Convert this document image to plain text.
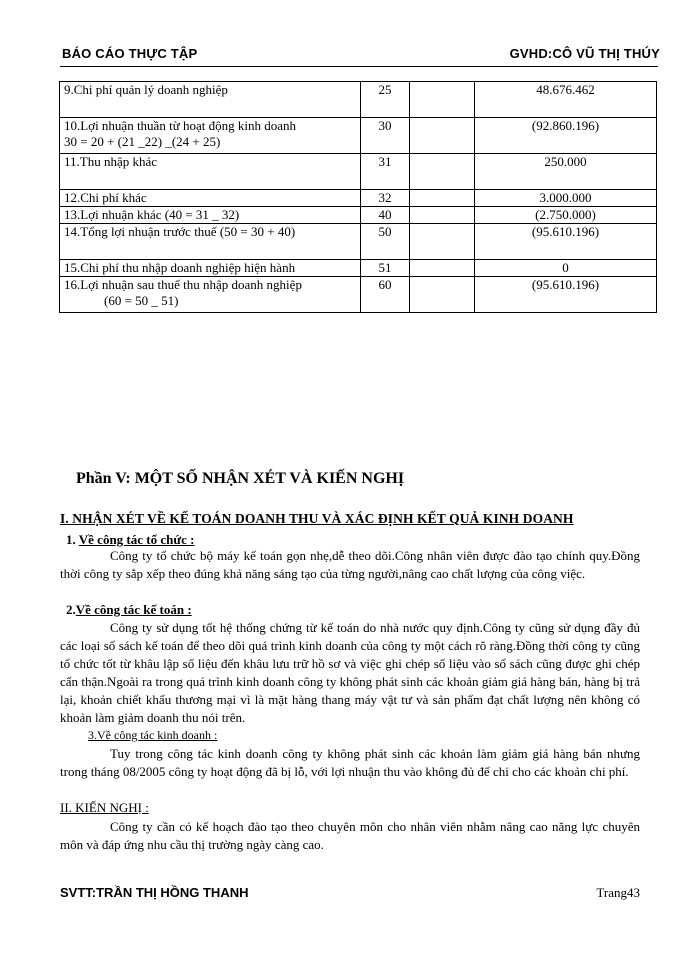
BÁO CÁO THỰC TẬP	GVHD:CÔ VŨ THỊ THÚY
9.Chi phí quản lý doanh nghiệp	25		48.676.462
10.Lợi nhuận thuần từ hoạt động kinh doanh
30 = 20 + (21 _22) _(24 + 25)	30		(92.860.196)
11.Thu nhập khác	31		250.000
12.Chi phí khác	32		3.000.000
13.Lợi nhuận khác (40 = 31 _ 32)	40		(2.750.000)
14.Tổng lợi nhuận trước thuế (50 = 30 + 40)	50		(95.610.196)
15.Chi phí thu nhập doanh nghiệp hiện hành	51		0
16.Lợi nhuận sau thuế thu nhập doanh nghiệp
(60 = 50 _ 51)	60		(95.610.196)
Phần V: MỘT SỐ NHẬN XÉT VÀ KIẾN NGHỊ
I. NHẬN XÉT VỀ KẾ TOÁN DOANH THU VÀ XÁC ĐỊNH KẾT QUẢ KINH DOANH
1. Về công tác tổ chức :
Công ty tổ chức bộ máy kế toán gọn nhẹ,dễ theo dõi.Công nhân viên được đào tạo chính quy.Đồng thời công ty sắp xếp theo đúng khả năng sáng tạo của từng người,nâng cao chất lượng của công việc.
2.Về công tác kế toán :
Công ty sử dụng tốt hệ thống chứng từ kế toán do nhà nước quy định.Công ty cũng sử dụng đầy đủ các loại sổ sách kế toán để theo dõi quá trình kinh doanh của công ty một cách rõ ràng.Đồng thời công ty cũng tổ chức tốt từ khâu lập số liệu đến khâu lưu trữ hồ sơ và việc ghi chép số liệu vào sổ sách cũng được ghi chép cẩn thận.Ngoài ra trong quá trình kinh doanh công ty không phát sinh các khoản giảm giá hàng bán, hàng bị trả lại, khoản chiết khấu thương mại vì là mặt hàng thang máy vật tư và sản phẩm đạt chất lượng nên không có khoản làm giảm doanh thu nói trên.
3.Về công tác kinh doanh :
Tuy trong công tác kinh doanh công ty không phát sinh các khoản làm giảm giá hàng bán nhưng trong tháng 08/2005 công ty hoạt động đã bị lỗ, với lợi nhuận thu vào không đủ để chi cho các khoản chi phí.
II. KIẾN NGHỊ :
Công ty cần có kế hoạch đào tạo theo chuyên môn cho nhân viên nhằm nâng cao năng lực chuyên môn và đáp ứng nhu cầu thị trường ngày càng cao.
SVTT:TRẦN THỊ HỒNG THANH	Trang43
